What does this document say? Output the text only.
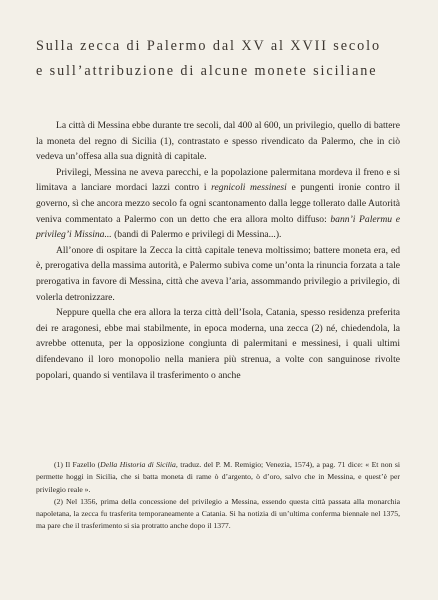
Sulla zecca di Palermo dal XV al XVII secolo
e sull’attribuzione di alcune monete siciliane

La città di Messina ebbe durante tre secoli, dal 400 al 600, un privilegio, quello di battere la moneta del regno di Sicilia (1), contrastato e spesso rivendicato da Palermo, che in ciò vedeva un’offesa alla sua dignità di capitale.

Privilegi, Messina ne aveva parecchi, e la popolazione palermitana mordeva il freno e si limitava a lanciare mordaci lazzi contro i regnicoli messinesi e pungenti ironie contro il governo, sì che ancora mezzo secolo fa ogni scantonamento dalla legge tollerato dalle Autorità veniva commentato a Palermo con un detto che era allora molto diffuso: bann’i Palermu e privileg’i Missina... (bandi di Palermo e privilegi di Messina...).

All’onore di ospitare la Zecca la città capitale teneva moltissimo; battere moneta era, ed è, prerogativa della massima autorità, e Palermo subiva come un’onta la rinuncia forzata a tale prerogativa in favore di Messina, città che aveva l’aria, assommando privilegio a privilegio, di volerla detronizzare.

Neppure quella che era allora la terza città dell’Isola, Catania, spesso residenza preferita dei re aragonesi, ebbe mai stabilmente, in epoca moderna, una zecca (2) né, chiedendola, la avrebbe ottenuta, per la opposizione congiunta di palermitani e messinesi, i quali ultimi difendevano il loro monopolio nella maniera più strenua, a volte con sanguinose rivolte popolari, quando si ventilava il trasferimento o anche

(1) Il Fazello (Della Historia di Sicilia, traduz. del P. M. Remigio; Venezia, 1574), a pag. 71 dice: « Et non si permette hoggi in Sicilia, che si batta moneta di rame ò d’argento, ò d’oro, salvo che in Messina, e quest’è per privilegio reale ».

(2) Nel 1356, prima della concessione del privilegio a Messina, essendo questa città passata alla monarchia napoletana, la zecca fu trasferita temporaneamente a Catania. Si ha notizia di un’ultima conferma biennale nel 1375, ma pare che il trasferimento si sia protratto anche dopo il 1377.
